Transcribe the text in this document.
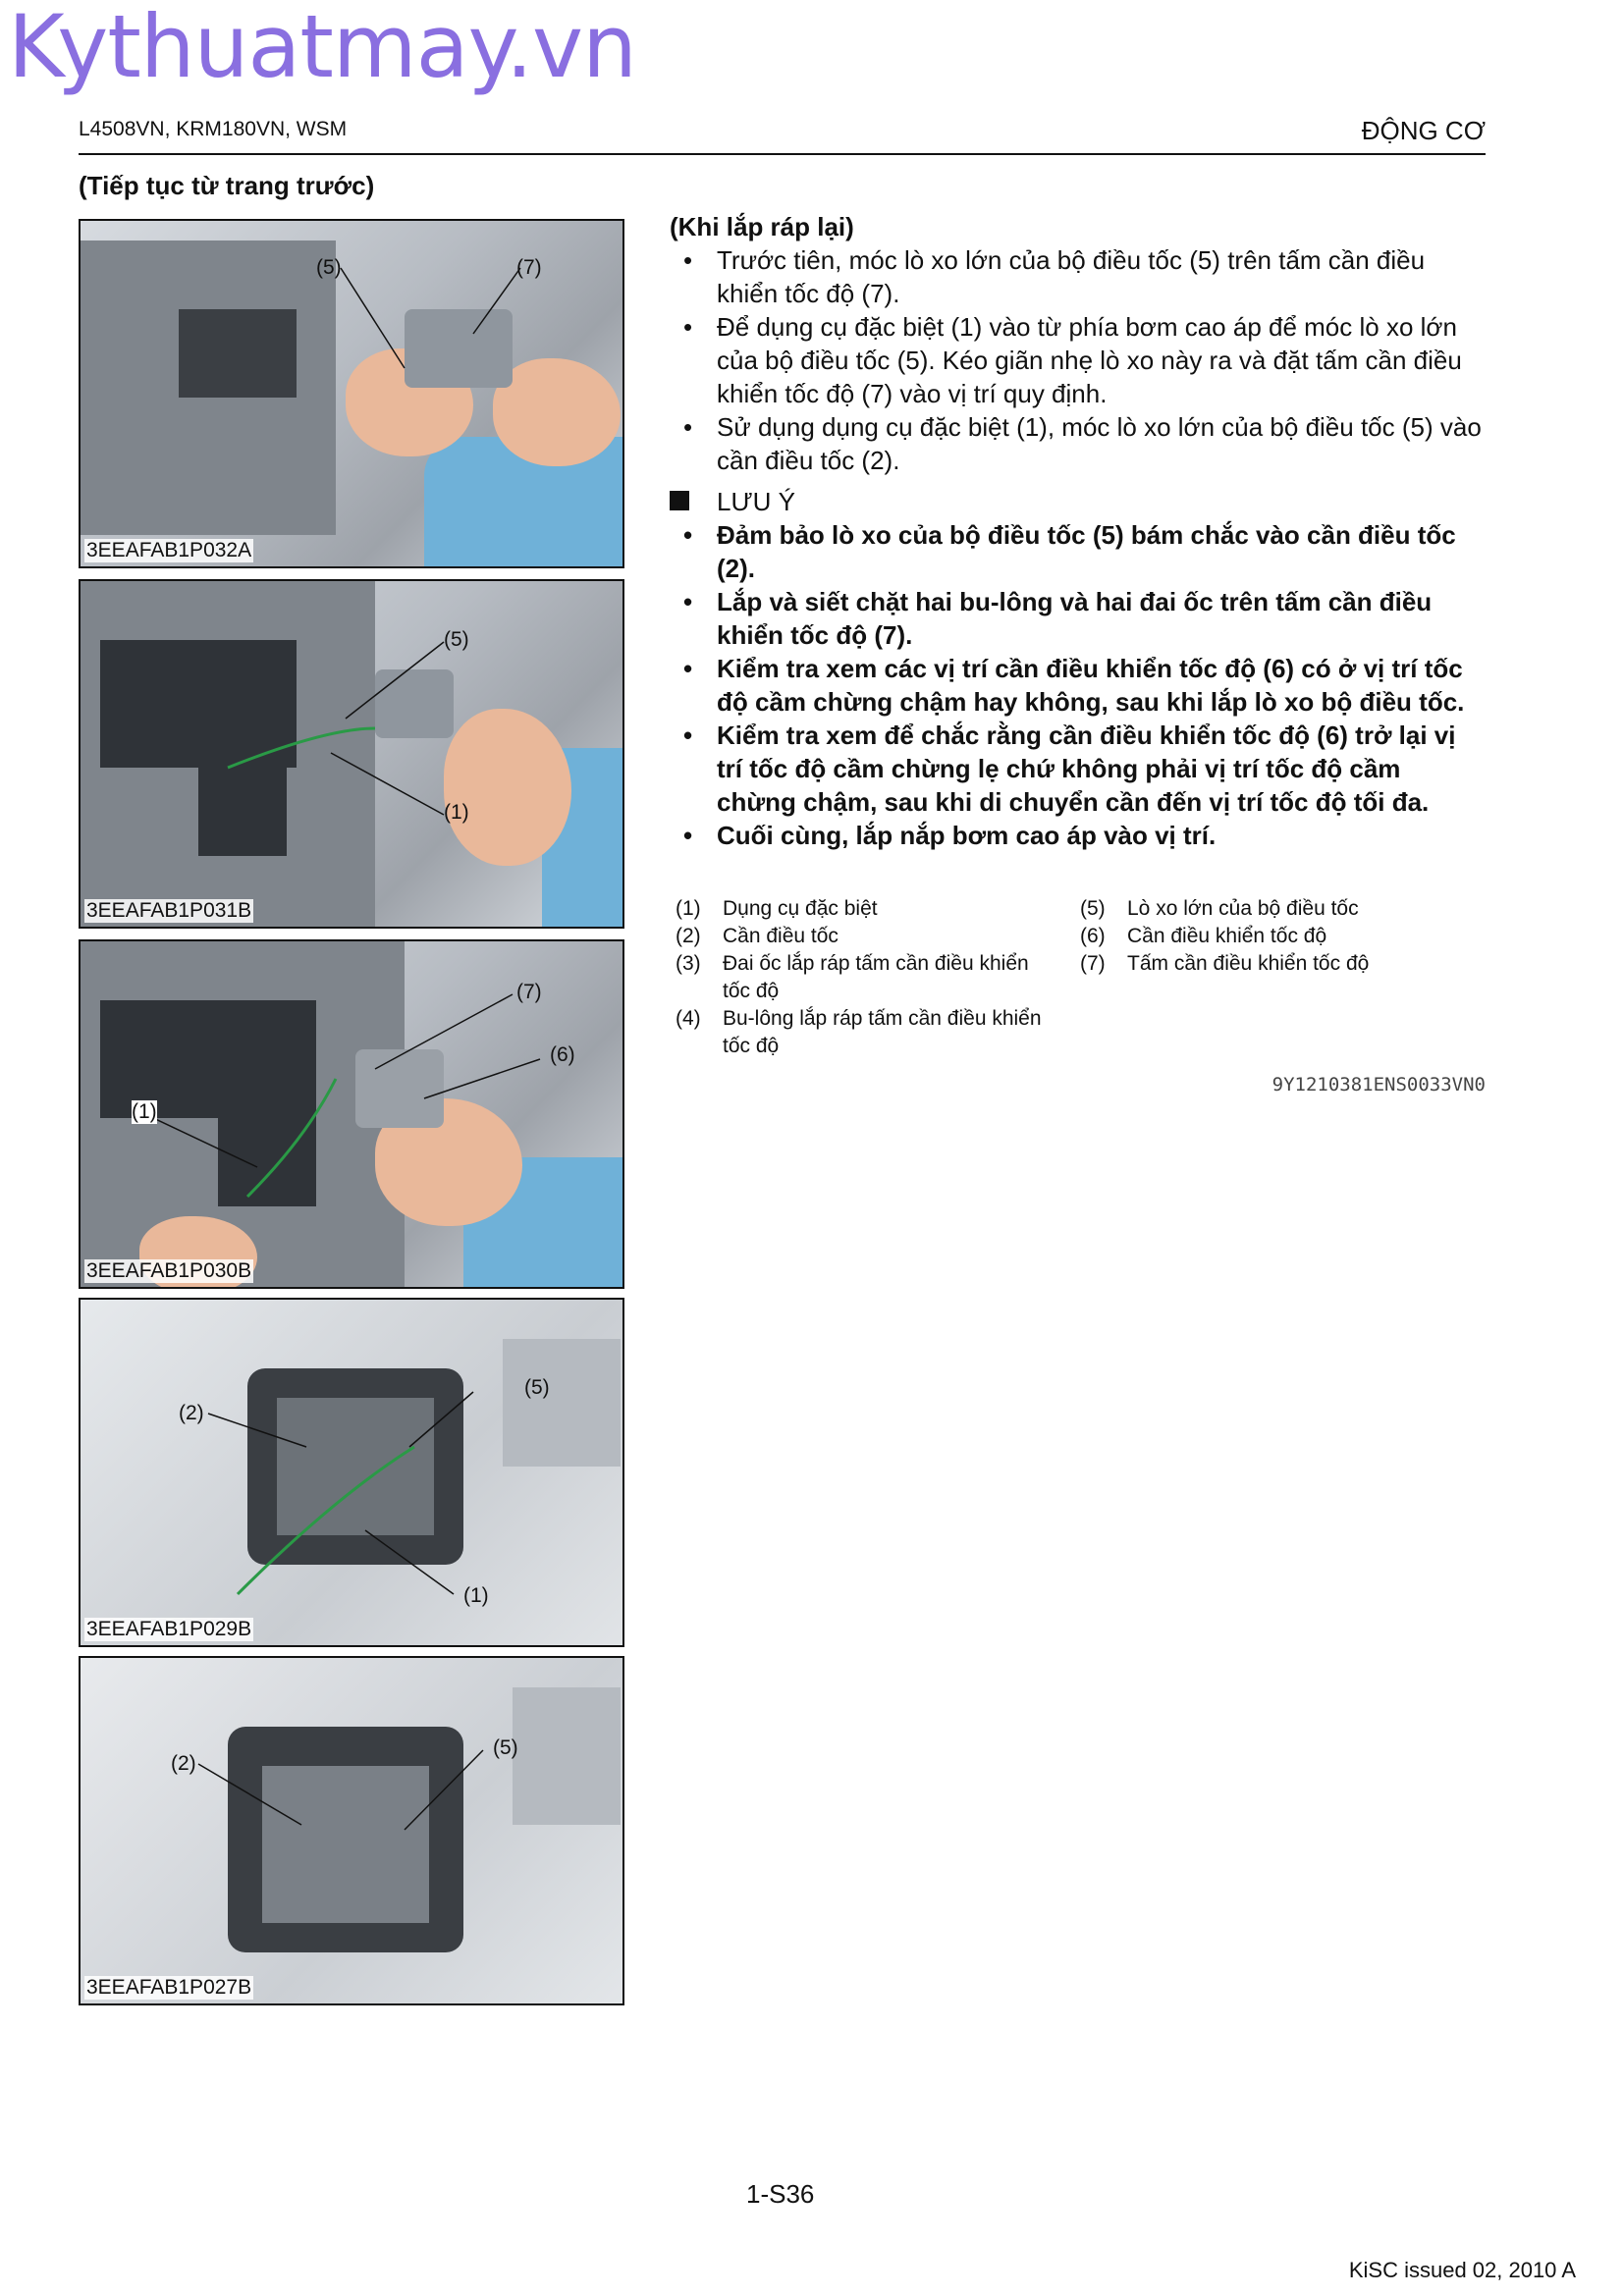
Kythuatmay.vn
L4508VN, KRM180VN, WSM	ĐỘNG CƠ
(Tiếp tục từ trang trước)
(5)	(7)
3EEAFAB1P032A
(5)
(1)
3EEAFAB1P031B
(7)
(6)
(1)
3EEAFAB1P030B
(2)
(5)
(1)
3EEAFAB1P029B
(2)
(5)
3EEAFAB1P027B
(Khi lắp ráp lại)
• Trước tiên, móc lò xo lớn của bộ điều tốc (5) trên tấm cần điều khiển tốc độ (7).
• Để dụng cụ đặc biệt (1) vào từ phía bơm cao áp để móc lò xo lớn của bộ điều tốc (5). Kéo giãn nhẹ lò xo này ra và đặt tấm cần điều khiển tốc độ (7) vào vị trí quy định.
• Sử dụng dụng cụ đặc biệt (1), móc lò xo lớn của bộ điều tốc (5) vào cần điều tốc (2).
LƯU Ý
• Đảm bảo lò xo của bộ điều tốc (5) bám chắc vào cần điều tốc (2).
• Lắp và siết chặt hai bu-lông và hai đai ốc trên tấm cần điều khiển tốc độ (7).
• Kiểm tra xem các vị trí cần điều khiển tốc độ (6) có ở vị trí tốc độ cầm chừng chậm hay không, sau khi lắp lò xo bộ điều tốc.
• Kiểm tra xem để chắc rằng cần điều khiển tốc độ (6) trở lại vị trí tốc độ cầm chừng lẹ chứ không phải vị trí tốc độ cầm chừng chậm, sau khi di chuyển cần đến vị trí tốc độ tối đa.
• Cuối cùng, lắp nắp bơm cao áp vào vị trí.
(1) Dụng cụ đặc biệt
(2) Cần điều tốc
(3) Đai ốc lắp ráp tấm cần điều khiển tốc độ
(4) Bu-lông lắp ráp tấm cần điều khiển tốc độ
(5) Lò xo lớn của bộ điều tốc
(6) Cần điều khiển tốc độ
(7) Tấm cần điều khiển tốc độ
9Y1210381ENS0033VN0
1-S36
KiSC issued 02, 2010 A
